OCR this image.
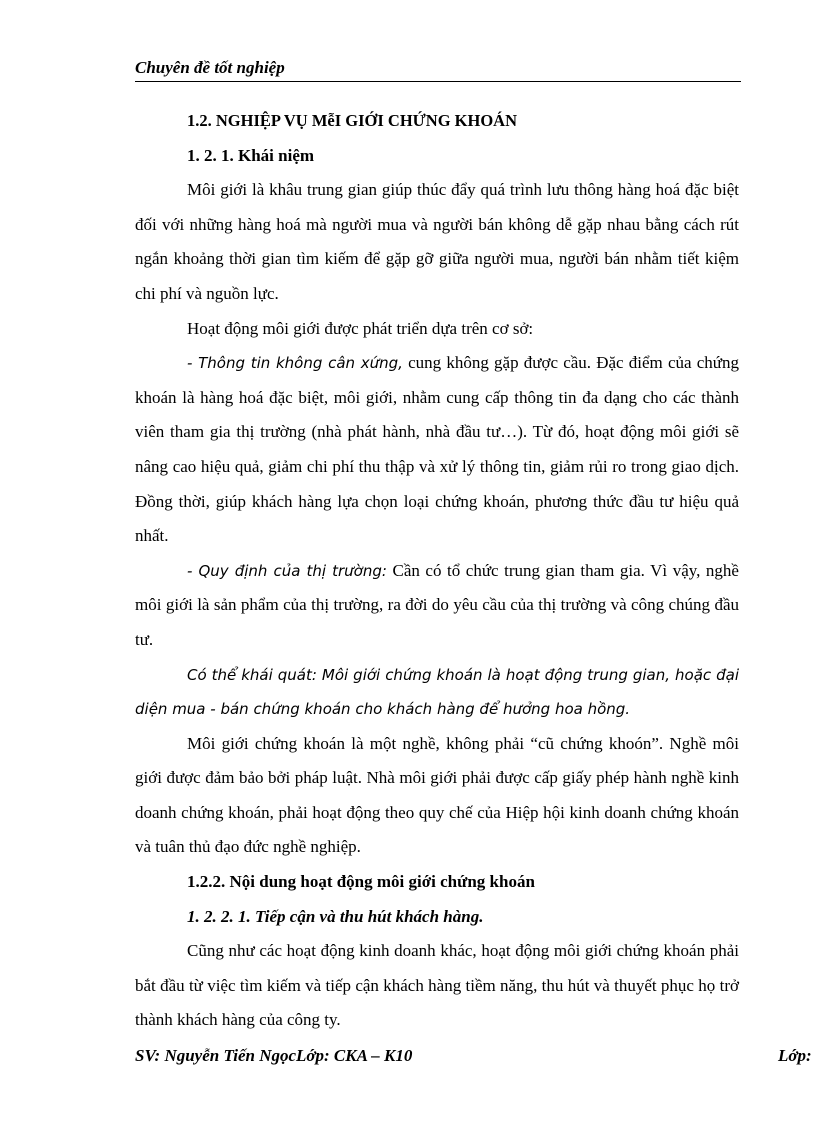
Chuyên đề tốt nghiệp
1.2. NGHIỆP VỤ MễI GIỚI CHỨNG KHOÁN
1. 2. 1. Khái niệm

Môi giới là khâu trung gian giúp thúc đẩy quá trình lưu thông hàng hoá đặc biệt đối với những hàng hoá mà người mua và người bán không dễ gặp nhau bằng cách rút ngắn khoảng thời gian tìm kiếm để gặp gỡ giữa người mua, người bán nhằm tiết kiệm chi phí và nguồn lực.

Hoạt động môi giới được phát triển dựa trên cơ sở:

- Thông tin không cân xứng, cung không gặp được cầu. Đặc điểm của chứng khoán là hàng hoá đặc biệt, môi giới, nhằm cung cấp thông tin đa dạng cho các thành viên tham gia thị trường (nhà phát hành, nhà đầu tư…). Từ đó, hoạt động môi giới sẽ nâng cao hiệu quả, giảm chi phí thu thập và xử lý thông tin, giảm rủi ro trong giao dịch. Đồng thời, giúp khách hàng lựa chọn loại chứng khoán, phương thức đầu tư hiệu quả nhất.

- Quy định của thị trường: Cần có tổ chức trung gian tham gia. Vì vậy, nghề môi giới là sản phẩm của thị trường, ra đời do yêu cầu của thị trường và công chúng đầu tư.

Có thể khái quát: Môi giới chứng khoán là hoạt động trung gian, hoặc đại diện mua - bán chứng khoán cho khách hàng để hưởng hoa hồng.

Môi giới chứng khoán là một nghề, không phải “cũ chứng khoón”. Nghề môi giới được đảm bảo bởi pháp luật. Nhà môi giới phải được cấp giấy phép hành nghề kinh doanh chứng khoán, phải hoạt động theo quy chế của Hiệp hội kinh doanh chứng khoán và tuân thủ đạo đức nghề nghiệp.

1.2.2. Nội dung hoạt động môi giới chứng khoán
1. 2. 2. 1. Tiếp cận và thu hút khách hàng.

Cũng như các hoạt động kinh doanh khác, hoạt động môi giới chứng khoán phải bắt đầu từ việc tìm kiếm và tiếp cận khách hàng tiềm năng, thu hút và thuyết phục họ trở thành khách hàng của công ty.

SV: Nguyễn Tiến NgọcLớp: CKA – K10	Lớp:
